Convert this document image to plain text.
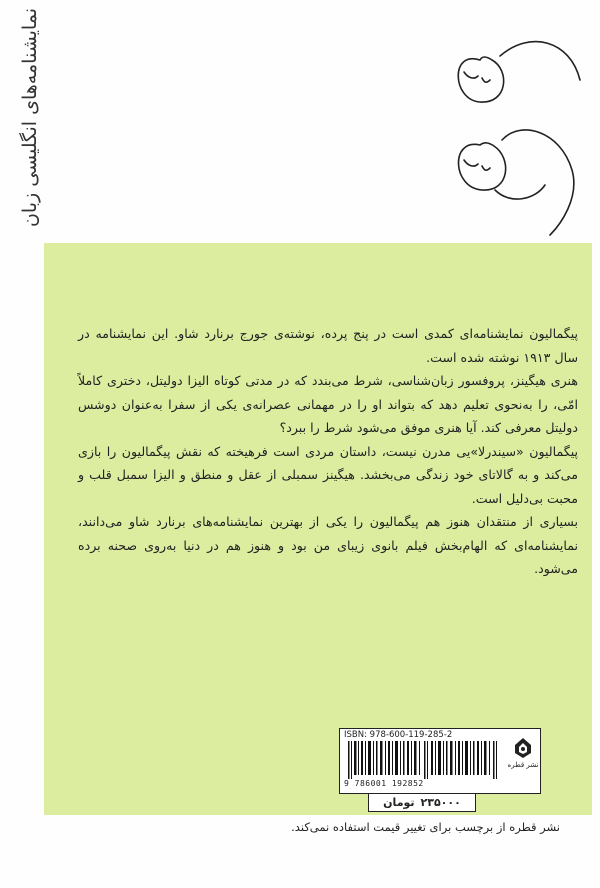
نمایشنامه‌های انگلیسی زبان

پیگمالیون نمایشنامه‌ای کمدی است در پنج پرده، نوشته‌ی جورج برنارد شاو. این نمایشنامه در سال ۱۹۱۳ نوشته شده است.

هنری هیگینز، پروفسور زبان‌شناسی، شرط می‌بندد که در مدتی کوتاه الیزا دولیتل، دختری کاملاً امّی، را به‌نحوی تعلیم دهد که بتواند او را در مهمانی عصرانه‌ی یکی از سفرا به‌عنوان دوشس دولیتل معرفی کند. آیا هنری موفق می‌شود شرط را ببرد؟

پیگمالیون «سیندرلا»یی مدرن نیست، داستان مردی است فرهیخته که نقش پیگمالیون را بازی می‌کند و به گالاتای خود زندگی می‌بخشد. هیگینز سمبلی از عقل و منطق و الیزا سمبل قلب و محبت بی‌دلیل است.

بسیاری از منتقدان هنوز هم پیگمالیون را یکی از بهترین نمایشنامه‌های برنارد شاو می‌دانند، نمایشنامه‌ای که الهام‌بخش فیلم بانوی زیبای من بود و هنوز هم در دنیا به‌روی صحنه برده می‌شود.

ISBN: 978-600-119-285-2
9 786001 192852
نشر قطره
۲۳۵۰۰۰
تومان
نشر قطره از برچسب برای تغییر قیمت استفاده نمی‌کند.
